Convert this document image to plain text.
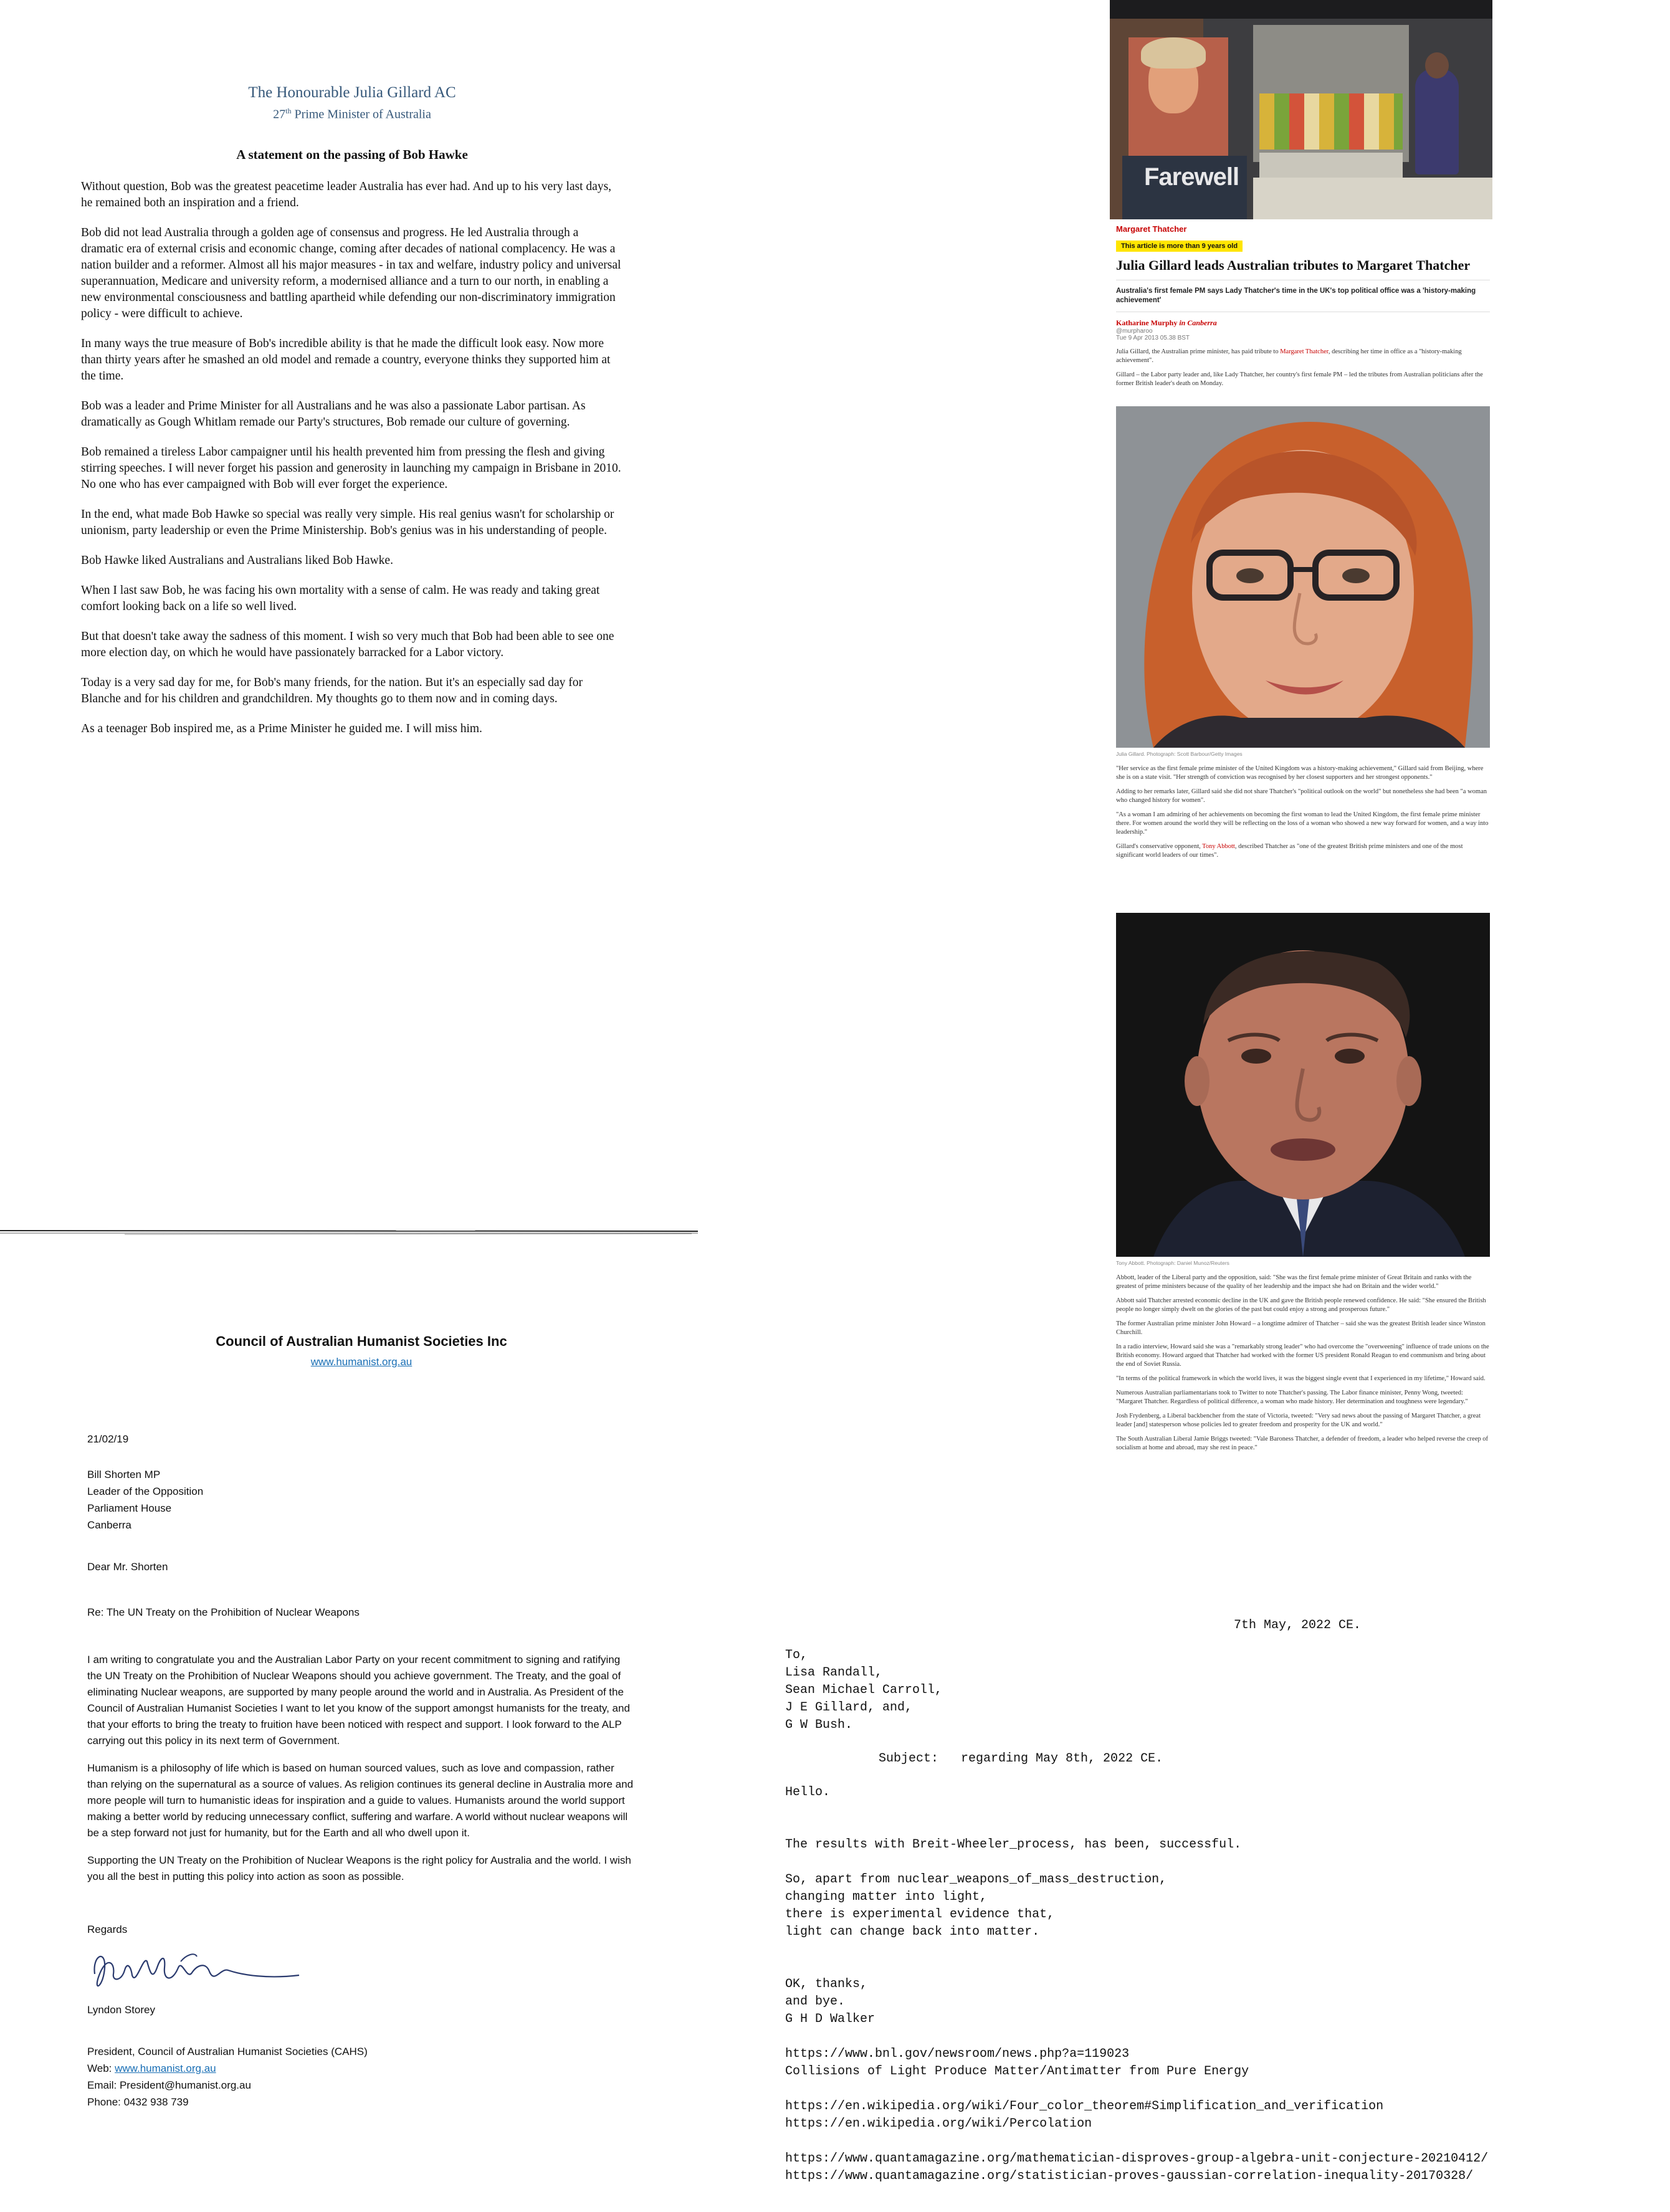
The Honourable Julia Gillard AC
27th Prime Minister of Australia
A statement on the passing of Bob Hawke

Without question, Bob was the greatest peacetime leader Australia has ever had. And up to his very last days, he remained both an inspiration and a friend.

Bob did not lead Australia through a golden age of consensus and progress. He led Australia through a dramatic era of external crisis and economic change, coming after decades of national complacency. He was a nation builder and a reformer. Almost all his major measures - in tax and welfare, industry policy and universal superannuation, Medicare and university reform, a modernised alliance and a turn to our north, in enabling a new environmental consciousness and battling apartheid while defending our non-discriminatory immigration policy - were difficult to achieve.

In many ways the true measure of Bob's incredible ability is that he made the difficult look easy. Now more than thirty years after he smashed an old model and remade a country, everyone thinks they supported him at the time.

Bob was a leader and Prime Minister for all Australians and he was also a passionate Labor partisan. As dramatically as Gough Whitlam remade our Party's structures, Bob remade our culture of governing.

Bob remained a tireless Labor campaigner until his health prevented him from pressing the flesh and giving stirring speeches. I will never forget his passion and generosity in launching my campaign in Brisbane in 2010. No one who has ever campaigned with Bob will ever forget the experience.

In the end, what made Bob Hawke so special was really very simple. His real genius wasn't for scholarship or unionism, party leadership or even the Prime Ministership. Bob's genius was in his understanding of people.

Bob Hawke liked Australians and Australians liked Bob Hawke.

When I last saw Bob, he was facing his own mortality with a sense of calm. He was ready and taking great comfort looking back on a life so well lived.

But that doesn't take away the sadness of this moment. I wish so very much that Bob had been able to see one more election day, on which he would have passionately barracked for a Labor victory.

Today is a very sad day for me, for Bob's many friends, for the nation. But it's an especially sad day for Blanche and for his children and grandchildren. My thoughts go to them now and in coming days.

As a teenager Bob inspired me, as a Prime Minister he guided me. I will miss him.

Council of Australian Humanist Societies Inc
www.humanist.org.au
21/02/19
Bill Shorten MP
Leader of the Opposition
Parliament House
Canberra
Dear Mr. Shorten
Re: The UN Treaty on the Prohibition of Nuclear Weapons

I am writing to congratulate you and the Australian Labor Party on your recent commitment to signing and ratifying the UN Treaty on the Prohibition of Nuclear Weapons should you achieve government. The Treaty, and the goal of eliminating Nuclear weapons, are supported by many people around the world and in Australia. As President of the Council of Australian Humanist Societies I want to let you know of the support amongst humanists for the treaty, and that your efforts to bring the treaty to fruition have been noticed with respect and support. I look forward to the ALP carrying out this policy in its next term of Government.

Humanism is a philosophy of life which is based on human sourced values, such as love and compassion, rather than relying on the supernatural as a source of values. As religion continues its general decline in Australia more and more people will turn to humanistic ideas for inspiration and a guide to values. Humanists around the world support making a better world by reducing unnecessary conflict, suffering and warfare. A world without nuclear weapons will be a step forward not just for humanity, but for the Earth and all who dwell upon it.

Supporting the UN Treaty on the Prohibition of Nuclear Weapons is the right policy for Australia and the world. I wish you all the best in putting this policy into action as soon as possible.

Regards
Lyndon Storey
President, Council of Australian Humanist Societies (CAHS)
Web: www.humanist.org.au
Email: President@humanist.org.au
Phone: 0432 938 739
Farewell
Margaret Thatcher
This article is more than 9 years old
Julia Gillard leads Australian tributes to Margaret Thatcher
Australia's first female PM says Lady Thatcher's time in the UK's top political office was a 'history-making achievement'
Katharine Murphy in Canberra
@murpharoo
Tue 9 Apr 2013 05.38 BST

Julia Gillard, the Australian prime minister, has paid tribute to Margaret Thatcher, describing her time in office as a "history-making achievement".

Gillard – the Labor party leader and, like Lady Thatcher, her country's first female PM – led the tributes from Australian politicians after the former British leader's death on Monday.

Julia Gillard. Photograph: Scott Barbour/Getty Images

"Her service as the first female prime minister of the United Kingdom was a history-making achievement," Gillard said from Beijing, where she is on a state visit. "Her strength of conviction was recognised by her closest supporters and her strongest opponents."

Adding to her remarks later, Gillard said she did not share Thatcher's "political outlook on the world" but nonetheless she had been "a woman who changed history for women".

"As a woman I am admiring of her achievements on becoming the first woman to lead the United Kingdom, the first female prime minister there. For women around the world they will be reflecting on the loss of a woman who showed a new way forward for women, and a way into leadership."

Gillard's conservative opponent, Tony Abbott, described Thatcher as "one of the greatest British prime ministers and one of the most significant world leaders of our times".

Tony Abbott. Photograph: Daniel Munoz/Reuters

Abbott, leader of the Liberal party and the opposition, said: "She was the first female prime minister of Great Britain and ranks with the greatest of prime ministers because of the quality of her leadership and the impact she had on Britain and the wider world."

Abbott said Thatcher arrested economic decline in the UK and gave the British people renewed confidence. He said: "She ensured the British people no longer simply dwelt on the glories of the past but could enjoy a strong and prosperous future."

The former Australian prime minister John Howard – a longtime admirer of Thatcher – said she was the greatest British leader since Winston Churchill.

In a radio interview, Howard said she was a "remarkably strong leader" who had overcome the "overweening" influence of trade unions on the British economy. Howard argued that Thatcher had worked with the former US president Ronald Reagan to end communism and bring about the end of Soviet Russia.

"In terms of the political framework in which the world lives, it was the biggest single event that I experienced in my lifetime," Howard said.

Numerous Australian parliamentarians took to Twitter to note Thatcher's passing. The Labor finance minister, Penny Wong, tweeted: "Margaret Thatcher. Regardless of political difference, a woman who made history. Her determination and toughness were legendary."

Josh Frydenberg, a Liberal backbencher from the state of Victoria, tweeted: "Very sad news about the passing of Margaret Thatcher, a great leader [and] statesperson whose policies led to greater freedom and prosperity for the UK and world."

The South Australian Liberal Jamie Briggs tweeted: "Vale Baroness Thatcher, a defender of freedom, a leader who helped reverse the creep of socialism at home and abroad, may she rest in peace."

7th May, 2022 CE.
To,
Lisa Randall,
Sean Michael Carroll,
J E Gillard, and,
G W Bush.
Subject:   regarding May 8th, 2022 CE.
Hello.
The results with Breit-Wheeler_process, has been, successful.
So, apart from nuclear_weapons_of_mass_destruction,
changing matter into light,
there is experimental evidence that,
light can change back into matter.
OK, thanks,
and bye.
G H D Walker
https://www.bnl.gov/newsroom/news.php?a=119023
Collisions of Light Produce Matter/Antimatter from Pure Energy
https://en.wikipedia.org/wiki/Four_color_theorem#Simplification_and_verification
https://en.wikipedia.org/wiki/Percolation
https://www.quantamagazine.org/mathematician-disproves-group-algebra-unit-conjecture-20210412/
https://www.quantamagazine.org/statistician-proves-gaussian-correlation-inequality-20170328/
